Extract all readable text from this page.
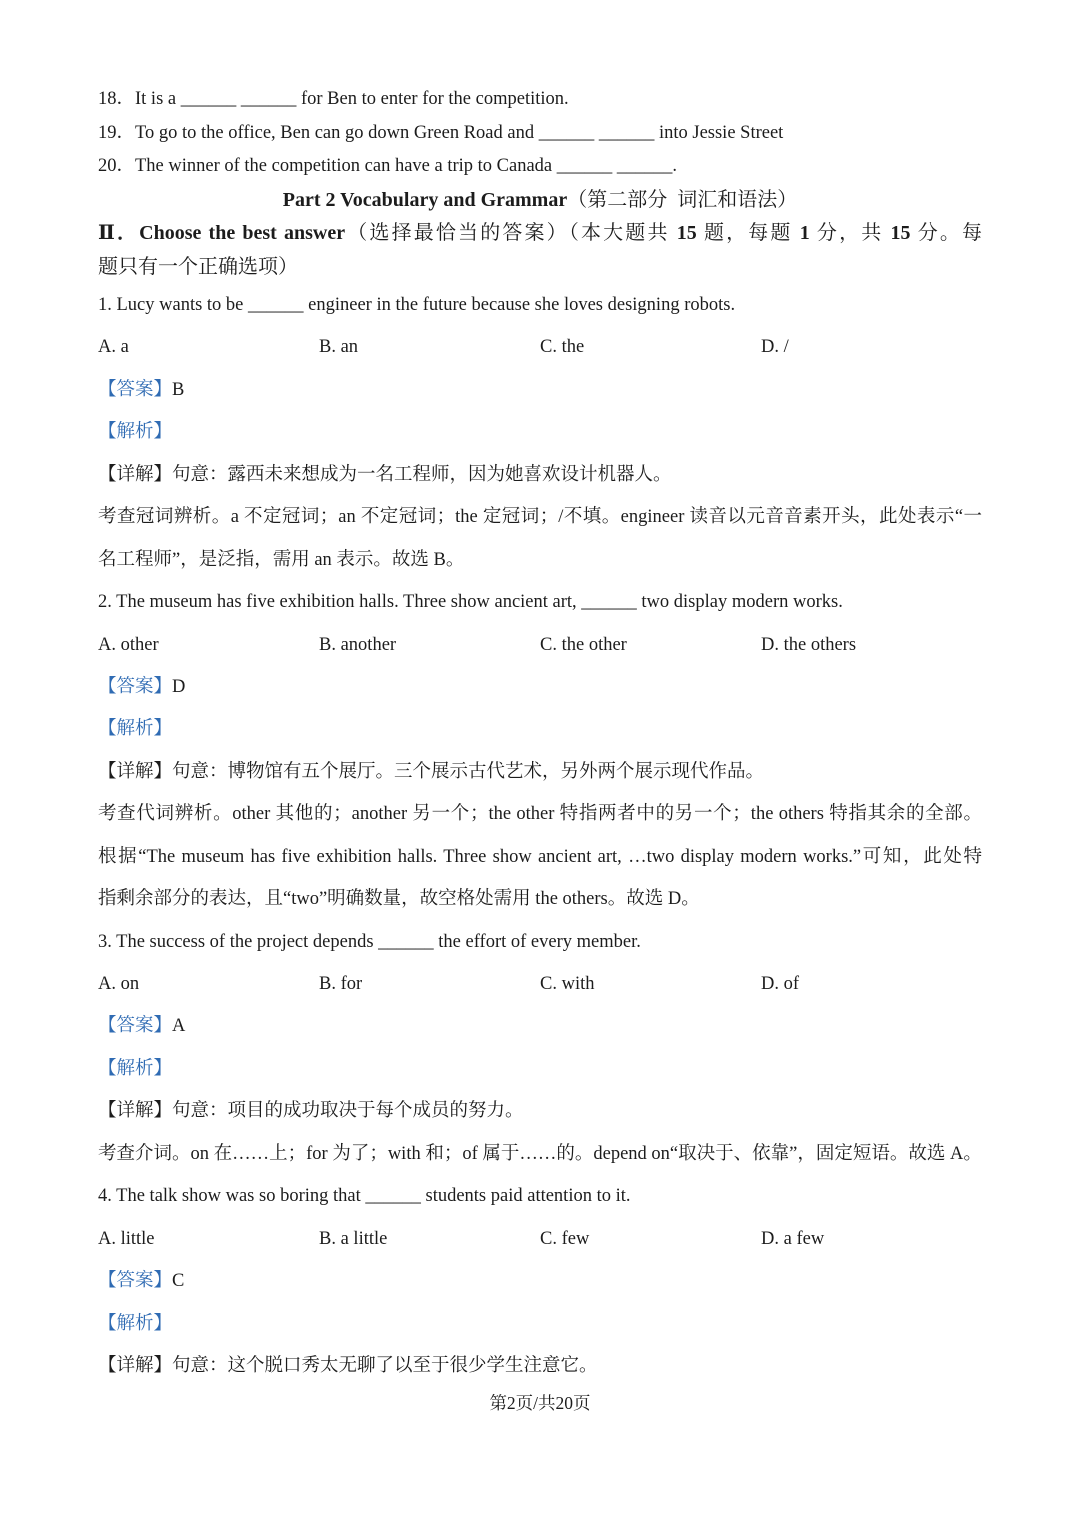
18．It is a ______ ______ for Ben to enter for the competition.
19．To go to the office, Ben can go down Green Road and ______ ______ into Jessie Street
20．The winner of the competition can have a trip to Canada ______ ______.
Part 2 Vocabulary and Grammar（第二部分  词汇和语法）
Ⅱ．Choose the best answer（选择最恰当的答案）（本大题共 15 题，每题 1 分，共 15 分。每
题只有一个正确选项）
1. Lucy wants to be ______ engineer in the future because she loves designing robots.
A. a	B. an	C. the	D. /
【答案】B
【解析】
【详解】句意：露西未来想成为一名工程师，因为她喜欢设计机器人。
考查冠词辨析。a 不定冠词；an 不定冠词；the 定冠词；/不填。engineer 读音以元音音素开头，此处表示“一
名工程师”，是泛指，需用 an 表示。故选 B。
2. The museum has five exhibition halls. Three show ancient art, ______ two display modern works.
A. other	B. another	C. the other	D. the others
【答案】D
【解析】
【详解】句意：博物馆有五个展厅。三个展示古代艺术，另外两个展示现代作品。
考查代词辨析。other 其他的；another 另一个；the other 特指两者中的另一个；the others 特指其余的全部。
根据“The museum has five exhibition halls. Three show ancient art, …two display modern works.”可知，此处特
指剩余部分的表达，且“two”明确数量，故空格处需用 the others。故选 D。
3. The success of the project depends ______ the effort of every member.
A. on	B. for	C. with	D. of
【答案】A
【解析】
【详解】句意：项目的成功取决于每个成员的努力。
考查介词。on 在……上；for 为了；with 和；of 属于……的。depend on“取决于、依靠”，固定短语。故选 A。
4. The talk show was so boring that ______ students paid attention to it.
A. little	B. a little	C. few	D. a few
【答案】C
【解析】
【详解】句意：这个脱口秀太无聊了以至于很少学生注意它。
第2页/共20页
